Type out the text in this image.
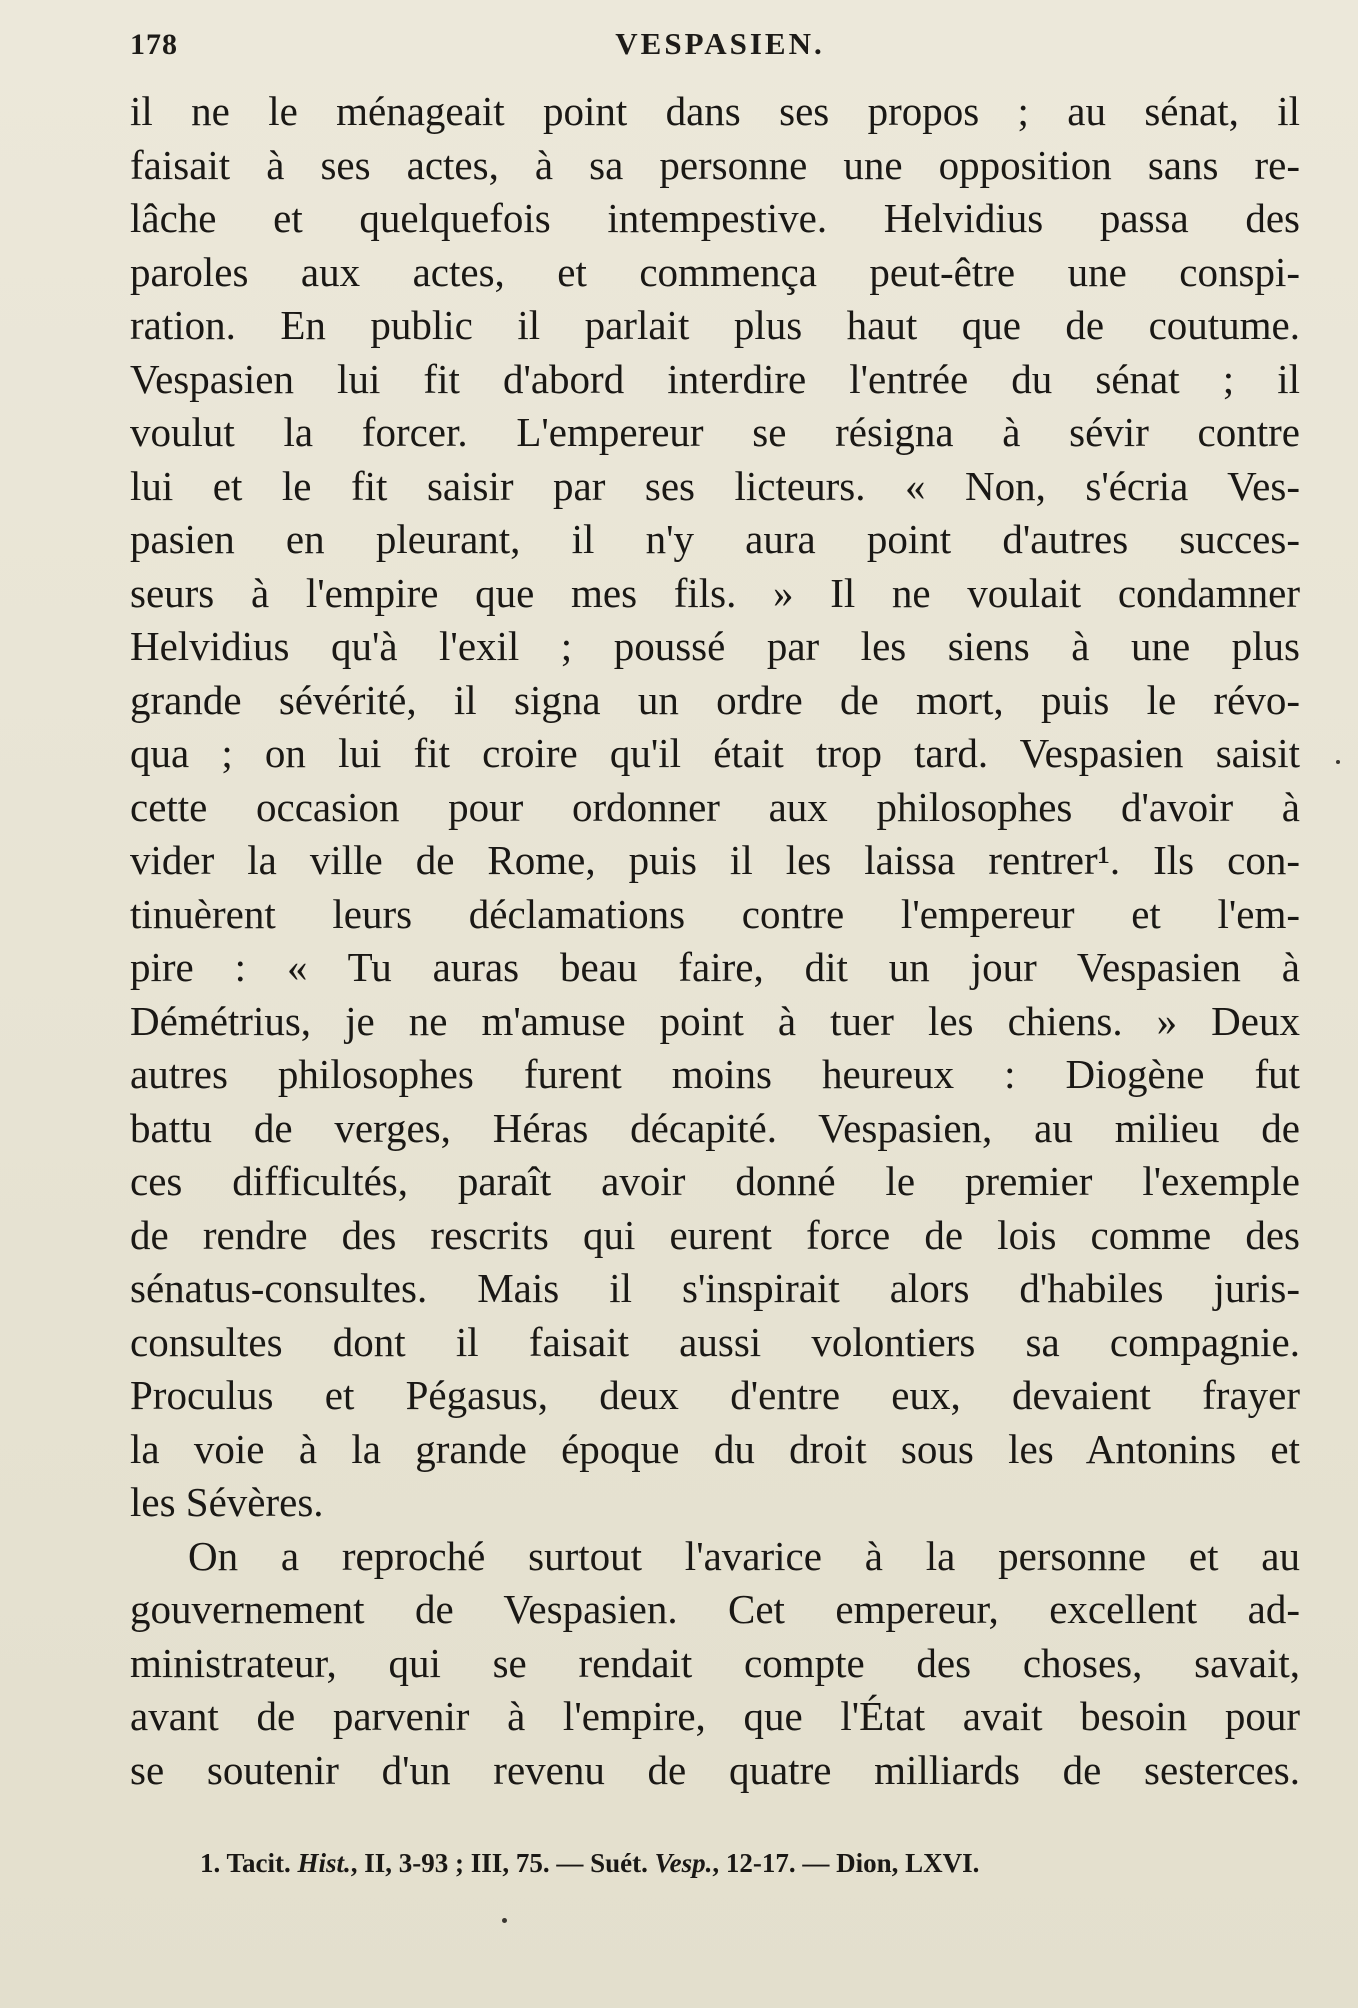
178	VESPASIEN.
il ne le ménageait point dans ses propos ; au sénat, il
faisait à ses actes, à sa personne une opposition sans re-
lâche et quelquefois intempestive. Helvidius passa des
paroles aux actes, et commença peut-être une conspi-
ration. En public il parlait plus haut que de coutume.
Vespasien lui fit d'abord interdire l'entrée du sénat ; il
voulut la forcer. L'empereur se résigna à sévir contre
lui et le fit saisir par ses licteurs. « Non, s'écria Ves-
pasien en pleurant, il n'y aura point d'autres succes-
seurs à l'empire que mes fils. » Il ne voulait condamner
Helvidius qu'à l'exil ; poussé par les siens à une plus
grande sévérité, il signa un ordre de mort, puis le révo-
qua ; on lui fit croire qu'il était trop tard. Vespasien saisit
cette occasion pour ordonner aux philosophes d'avoir à
vider la ville de Rome, puis il les laissa rentrer¹. Ils con-
tinuèrent leurs déclamations contre l'empereur et l'em-
pire : « Tu auras beau faire, dit un jour Vespasien à
Démétrius, je ne m'amuse point à tuer les chiens. » Deux
autres philosophes furent moins heureux : Diogène fut
battu de verges, Héras décapité. Vespasien, au milieu de
ces difficultés, paraît avoir donné le premier l'exemple
de rendre des rescrits qui eurent force de lois comme des
sénatus-consultes. Mais il s'inspirait alors d'habiles juris-
consultes dont il faisait aussi volontiers sa compagnie.
Proculus et Pégasus, deux d'entre eux, devaient frayer
la voie à la grande époque du droit sous les Antonins et
les Sévères.
On a reproché surtout l'avarice à la personne et au
gouvernement de Vespasien. Cet empereur, excellent ad-
ministrateur, qui se rendait compte des choses, savait,
avant de parvenir à l'empire, que l'État avait besoin pour
se soutenir d'un revenu de quatre milliards de sesterces.
1. Tacit. Hist., II, 3-93 ; III, 75. — Suét. Vesp., 12-17. — Dion, LXVI.
